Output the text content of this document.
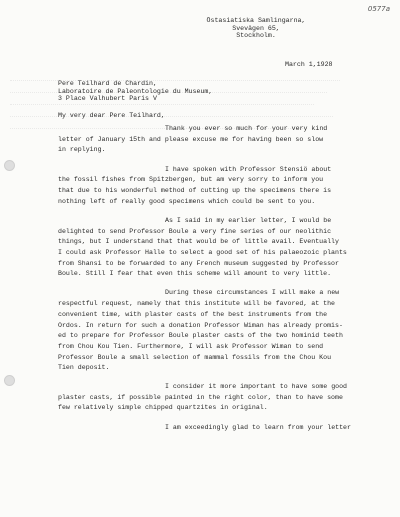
0577a
Östasiatiska Samlingarna,
Svevägen 65,
Stockholm.
March 1,1928
Pere Teilhard de Chardin,
Laboratoire de Paleontologie du Museum,
3 Place Valhubert Paris V
My very dear Pere Teilhard,
Thank you ever so much for your very kind
letter of January 15th and please excuse me for having been so slow
in replying.
I have spoken with Professor Stensiö about
the fossil fishes from Spitzbergen, but am very sorry to inform you
that due to his wonderful method of cutting up the specimens there is
nothing left of really good specimens which could be sent to you.
As I said in my earlier letter, I would be
delighted to send Professor Boule a very fine series of our neolithic
things, but I understand that that would be of little avail. Eventually
I could ask Professor Halle to select a good set of his palaeozoic plants
from Shansi to be forwarded to any French museum suggested by Professor
Boule. Still I fear that even this scheme will amount to very little.
During these circumstances I will make a new
respectful request, namely that this institute will be favored, at the
convenient time, with plaster casts of the best instruments from the
Ordos. In return for such a donation Professor Wiman has already promis-
ed to prepare for Professor Boule plaster casts of the two hominid teeth
from Chou Kou Tien. Furthermore, I will ask Professor Wiman to send
Professor Boule a small selection of mammal fossils from the Chou Kou
Tien deposit.
I consider it more important to have some good
plaster casts, if possible painted in the right color, than to have some
few relatively simple chipped quartzites in original.
I am exceedingly glad to learn from your letter
